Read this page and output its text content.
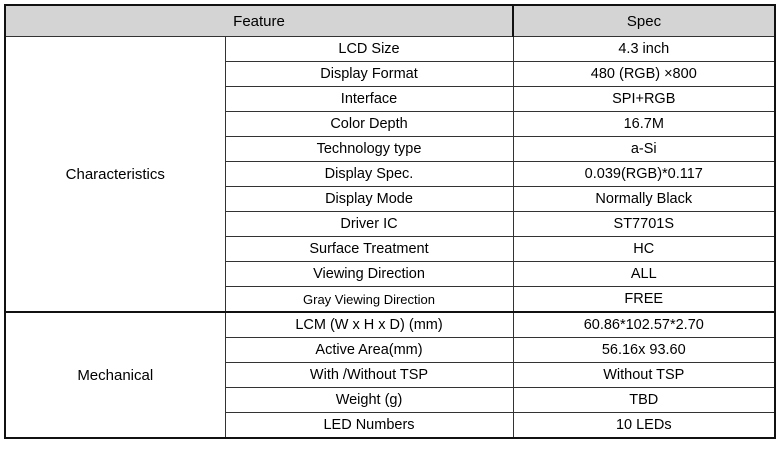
Feature		Spec
Characteristics	LCD Size	4.3 inch
	Display Format	480 (RGB) ×800
	Interface	SPI+RGB
	Color Depth	16.7M
	Technology type	a-Si
	Display Spec.	0.039(RGB)*0.117
	Display Mode	Normally Black
	Driver IC	ST7701S
	Surface Treatment	HC
	Viewing Direction	ALL
	Gray Viewing Direction	FREE
Mechanical	LCM (W x H x D) (mm)	60.86*102.57*2.70
	Active Area(mm)	56.16x 93.60
	With /Without TSP	Without TSP
	Weight (g)	TBD
	LED Numbers	10 LEDs
